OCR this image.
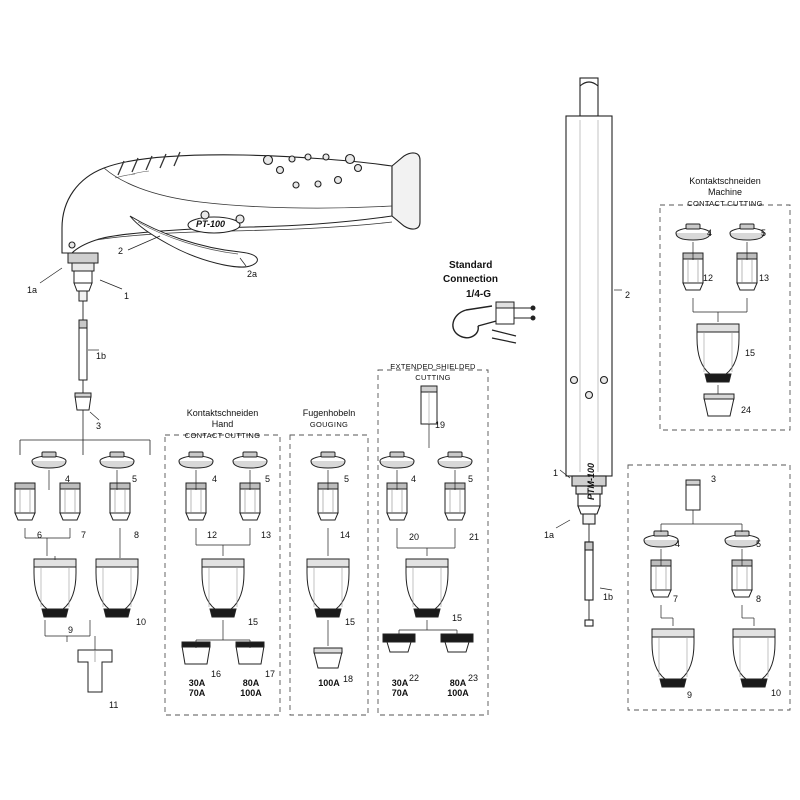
PT-100
PTM-100
Standard
Connection
1/4-G
Kontaktschneiden
Hand
CONTACT CUTTING
Fugenhobeln
GOUGING
EXTENDED SHIELDED CUTTING
Kontaktschneiden
Machine
CONTACT CUTTING
30A
70A
80A
100A
100A	30A
70A
80A
100A
1a
1
1b
2
2a
3
4	5
6	7	8
9
10
11
4	5
12	13
15
16	17
5
14
15
18
19
4	5
20	21
15
22	23
1
1a
1b
2
3
4	5
12	13
15
24
4	5
7	8
9	10
